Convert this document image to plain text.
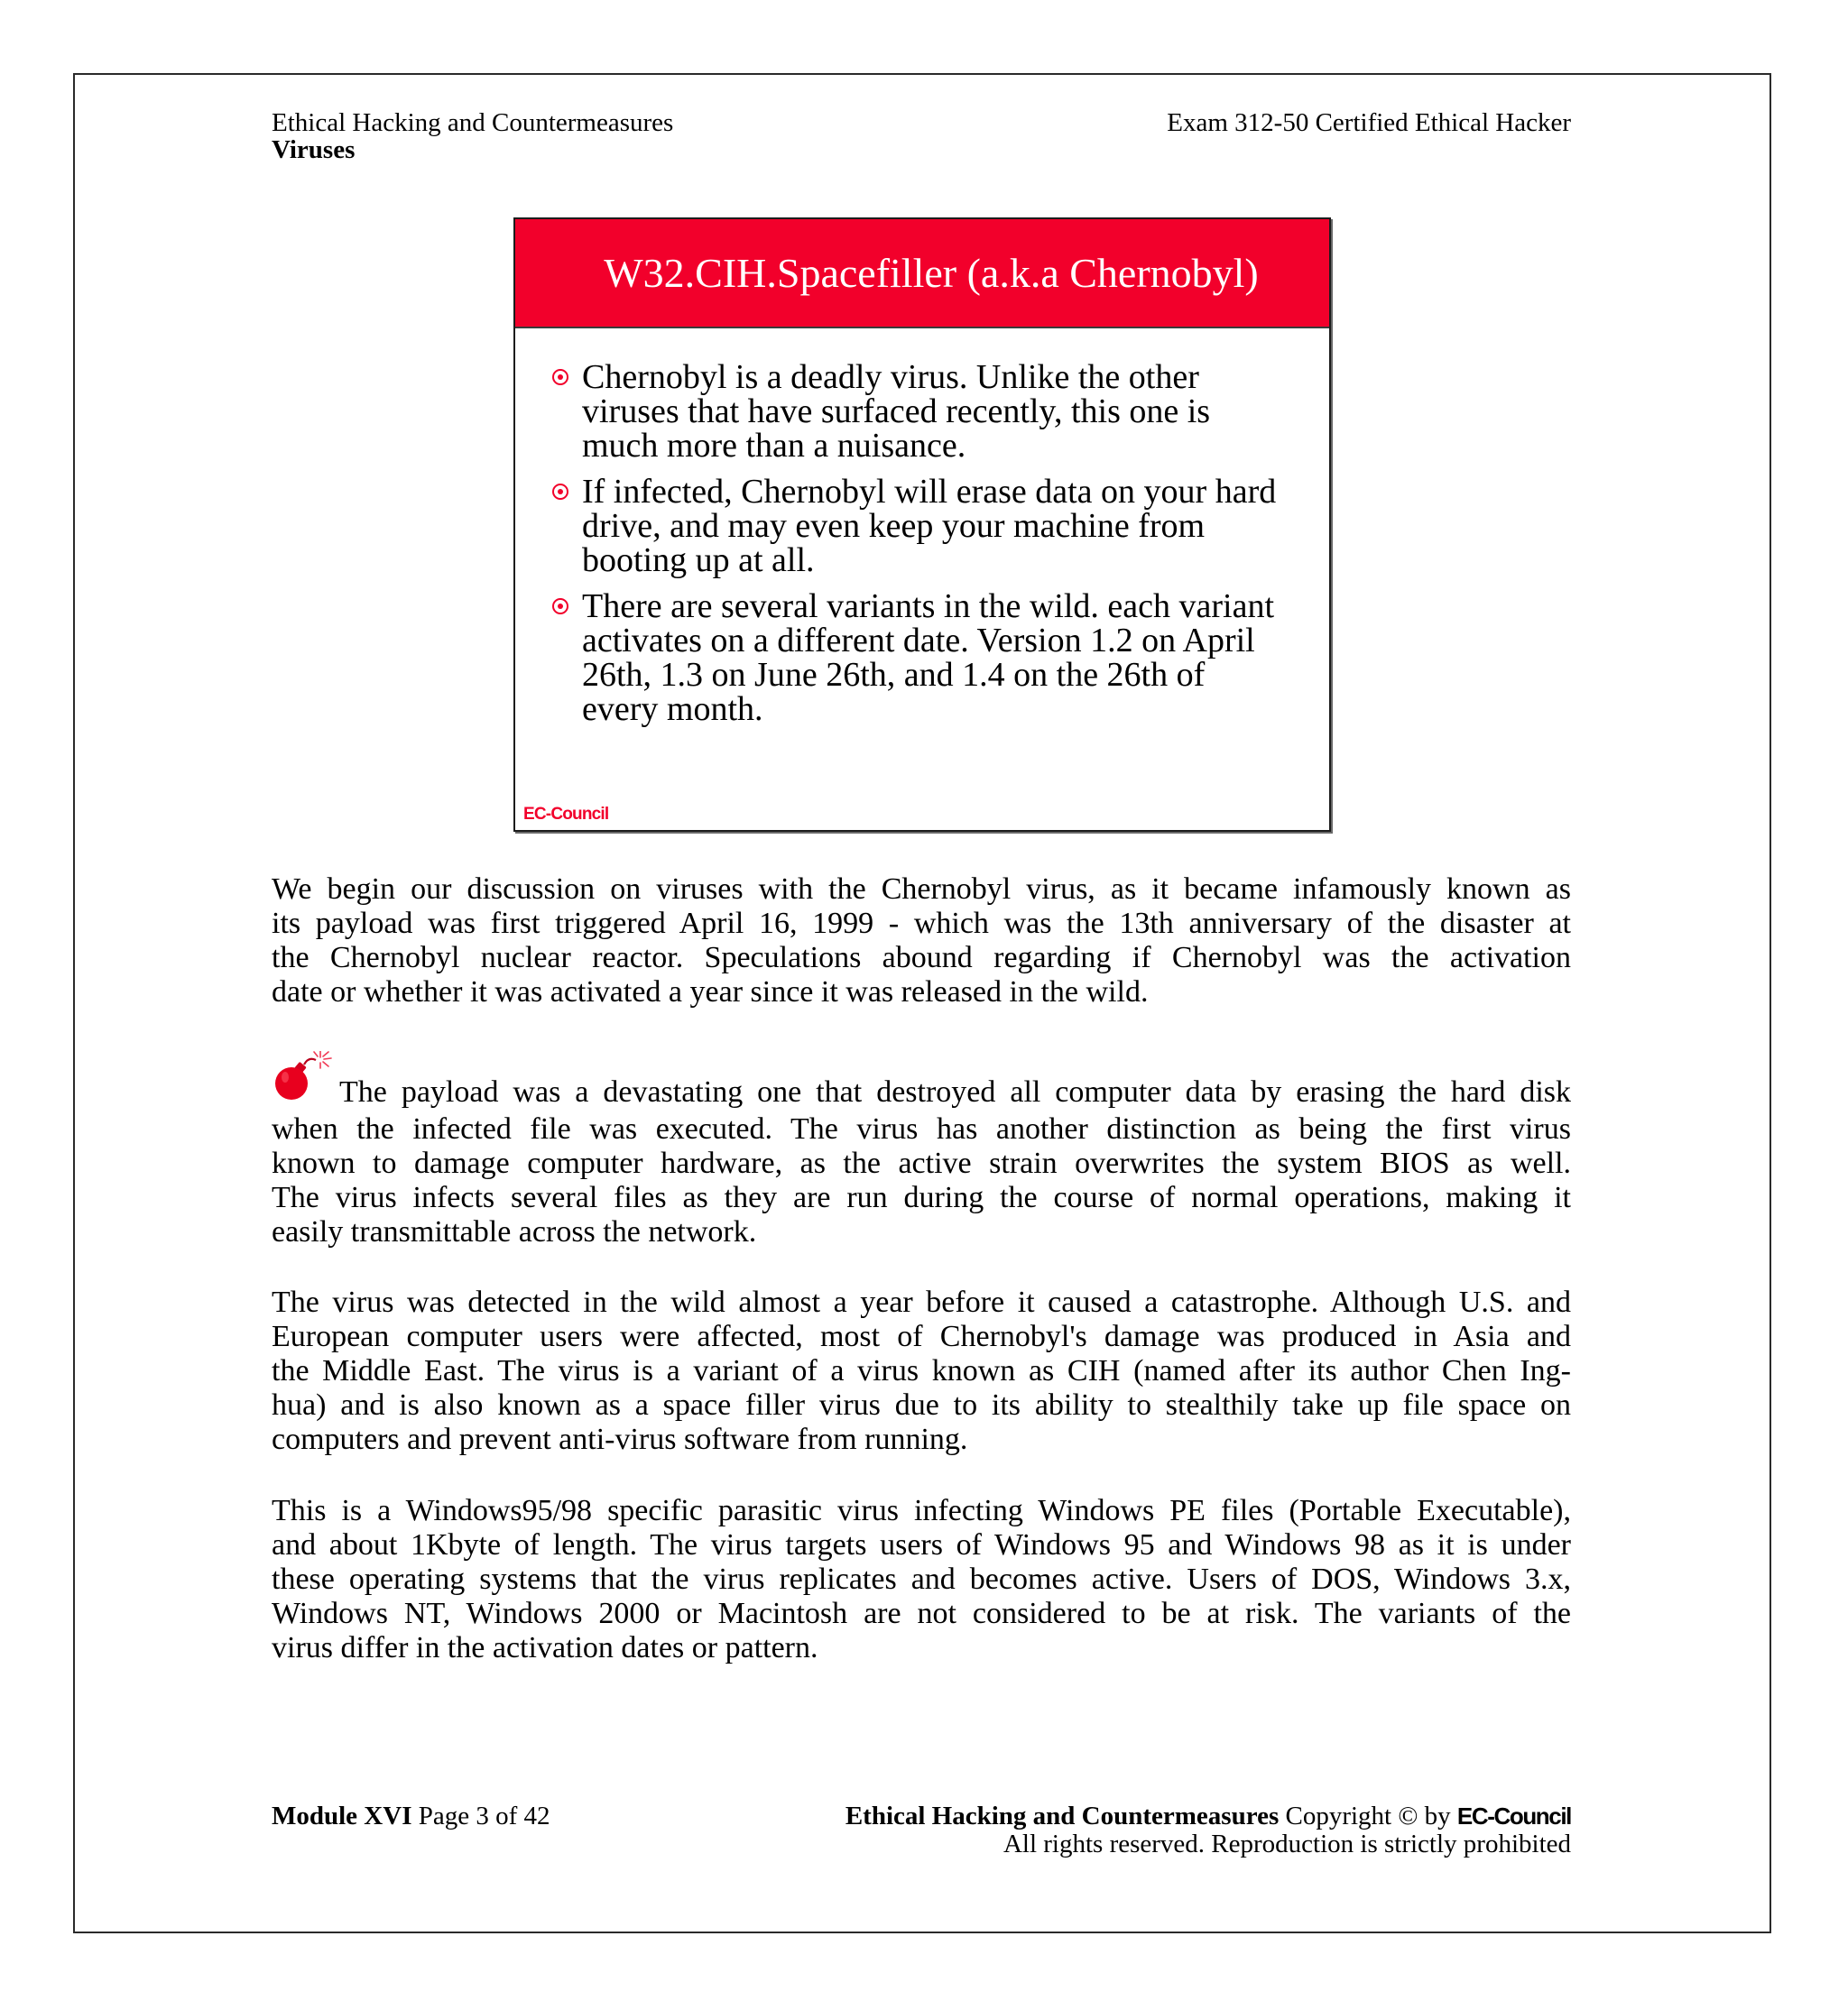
Ethical Hacking and Countermeasures
Viruses
Exam 312-50 Certified Ethical Hacker
W32.CIH.Spacefiller (a.k.a Chernobyl)
Chernobyl is a deadly virus. Unlike the other
viruses that have surfaced recently, this one is
much more than a nuisance.
If infected, Chernobyl will erase data on your hard
drive, and may even keep your machine from
booting up at all.
There are several variants in the wild. each variant
activates on a different date. Version 1.2 on April
26th, 1.3 on June 26th, and 1.4 on the 26th of
every month.
EC-Council
We begin our discussion on viruses with the Chernobyl virus, as it became infamously known as
its payload was first triggered April 16, 1999 - which was the 13th anniversary of the disaster at
the Chernobyl nuclear reactor. Speculations abound regarding if Chernobyl was the activation
date or whether it was activated a year since it was released in the wild.
The payload was a devastating one that destroyed all computer data by erasing the hard disk
when the infected file was executed. The virus has another distinction as being the first virus
known to damage computer hardware, as the active strain overwrites the system BIOS as well.
The virus infects several files as they are run during the course of normal operations, making it
easily transmittable across the network.
The virus was detected in the wild almost a year before it caused a catastrophe. Although U.S. and
European computer users were affected, most of Chernobyl's damage was produced in Asia and
the Middle East. The virus is a variant of a virus known as CIH (named after its author Chen Ing-
hua) and is also known as a space filler virus due to its ability to stealthily take up file space on
computers and prevent anti-virus software from running.
This is a Windows95/98 specific parasitic virus infecting Windows PE files (Portable Executable),
and about 1Kbyte of length. The virus targets users of Windows 95 and Windows 98 as it is under
these operating systems that the virus replicates and becomes active. Users of DOS, Windows 3.x,
Windows NT, Windows 2000 or Macintosh are not considered to be at risk. The variants of the
virus differ in the activation dates or pattern.
Module XVI Page 3 of 42	Ethical Hacking and Countermeasures Copyright © by EC-Council
All rights reserved. Reproduction is strictly prohibited
